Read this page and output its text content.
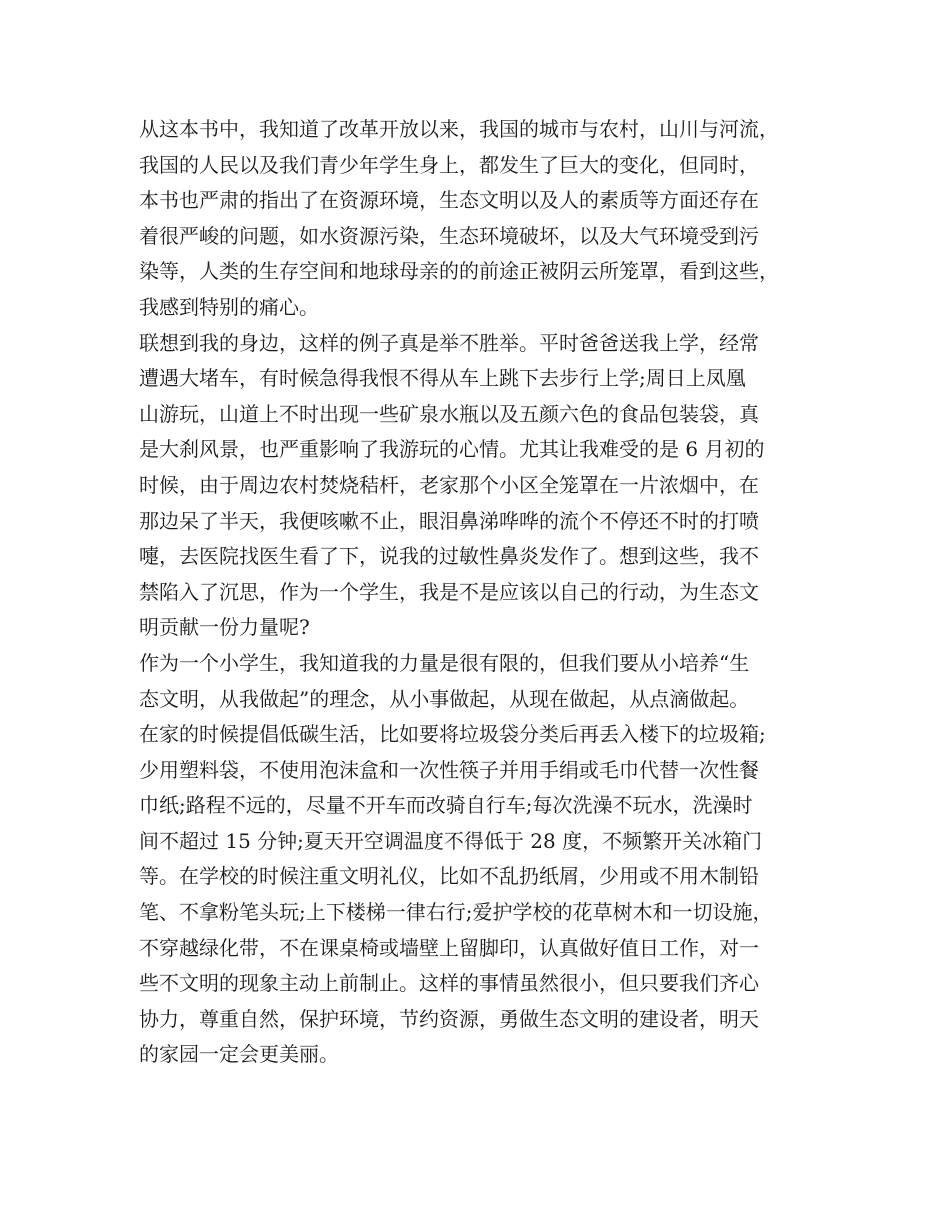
从这本书中，我知道了改革开放以来，我国的城市与农村，山川与河流，
我国的人民以及我们青少年学生身上，都发生了巨大的变化，但同时，
本书也严肃的指出了在资源环境，生态文明以及人的素质等方面还存在
着很严峻的问题，如水资源污染，生态环境破坏，以及大气环境受到污
染等，人类的生存空间和地球母亲的的前途正被阴云所笼罩，看到这些，
我感到特别的痛心。
联想到我的身边，这样的例子真是举不胜举。平时爸爸送我上学，经常
遭遇大堵车，有时候急得我恨不得从车上跳下去步行上学;周日上凤凰
山游玩，山道上不时出现一些矿泉水瓶以及五颜六色的食品包装袋，真
是大刹风景，也严重影响了我游玩的心情。尤其让我难受的是 6 月初的
时候，由于周边农村焚烧秸杆，老家那个小区全笼罩在一片浓烟中，在
那边呆了半天，我便咳嗽不止，眼泪鼻涕哗哗的流个不停还不时的打喷
嚏，去医院找医生看了下，说我的过敏性鼻炎发作了。想到这些，我不
禁陷入了沉思，作为一个学生，我是不是应该以自己的行动，为生态文
明贡献一份力量呢?
作为一个小学生，我知道我的力量是很有限的，但我们要从小培养“生
态文明，从我做起”的理念，从小事做起，从现在做起，从点滴做起。
在家的时候提倡低碳生活，比如要将垃圾袋分类后再丢入楼下的垃圾箱;
少用塑料袋，不使用泡沫盒和一次性筷子并用手绢或毛巾代替一次性餐
巾纸;路程不远的，尽量不开车而改骑自行车;每次洗澡不玩水，洗澡时
间不超过 15 分钟;夏天开空调温度不得低于 28 度，不频繁开关冰箱门
等。在学校的时候注重文明礼仪，比如不乱扔纸屑，少用或不用木制铅
笔、不拿粉笔头玩;上下楼梯一律右行;爱护学校的花草树木和一切设施，
不穿越绿化带，不在课桌椅或墙壁上留脚印，认真做好值日工作，对一
些不文明的现象主动上前制止。这样的事情虽然很小，但只要我们齐心
协力，尊重自然，保护环境，节约资源，勇做生态文明的建设者，明天
的家园一定会更美丽。
